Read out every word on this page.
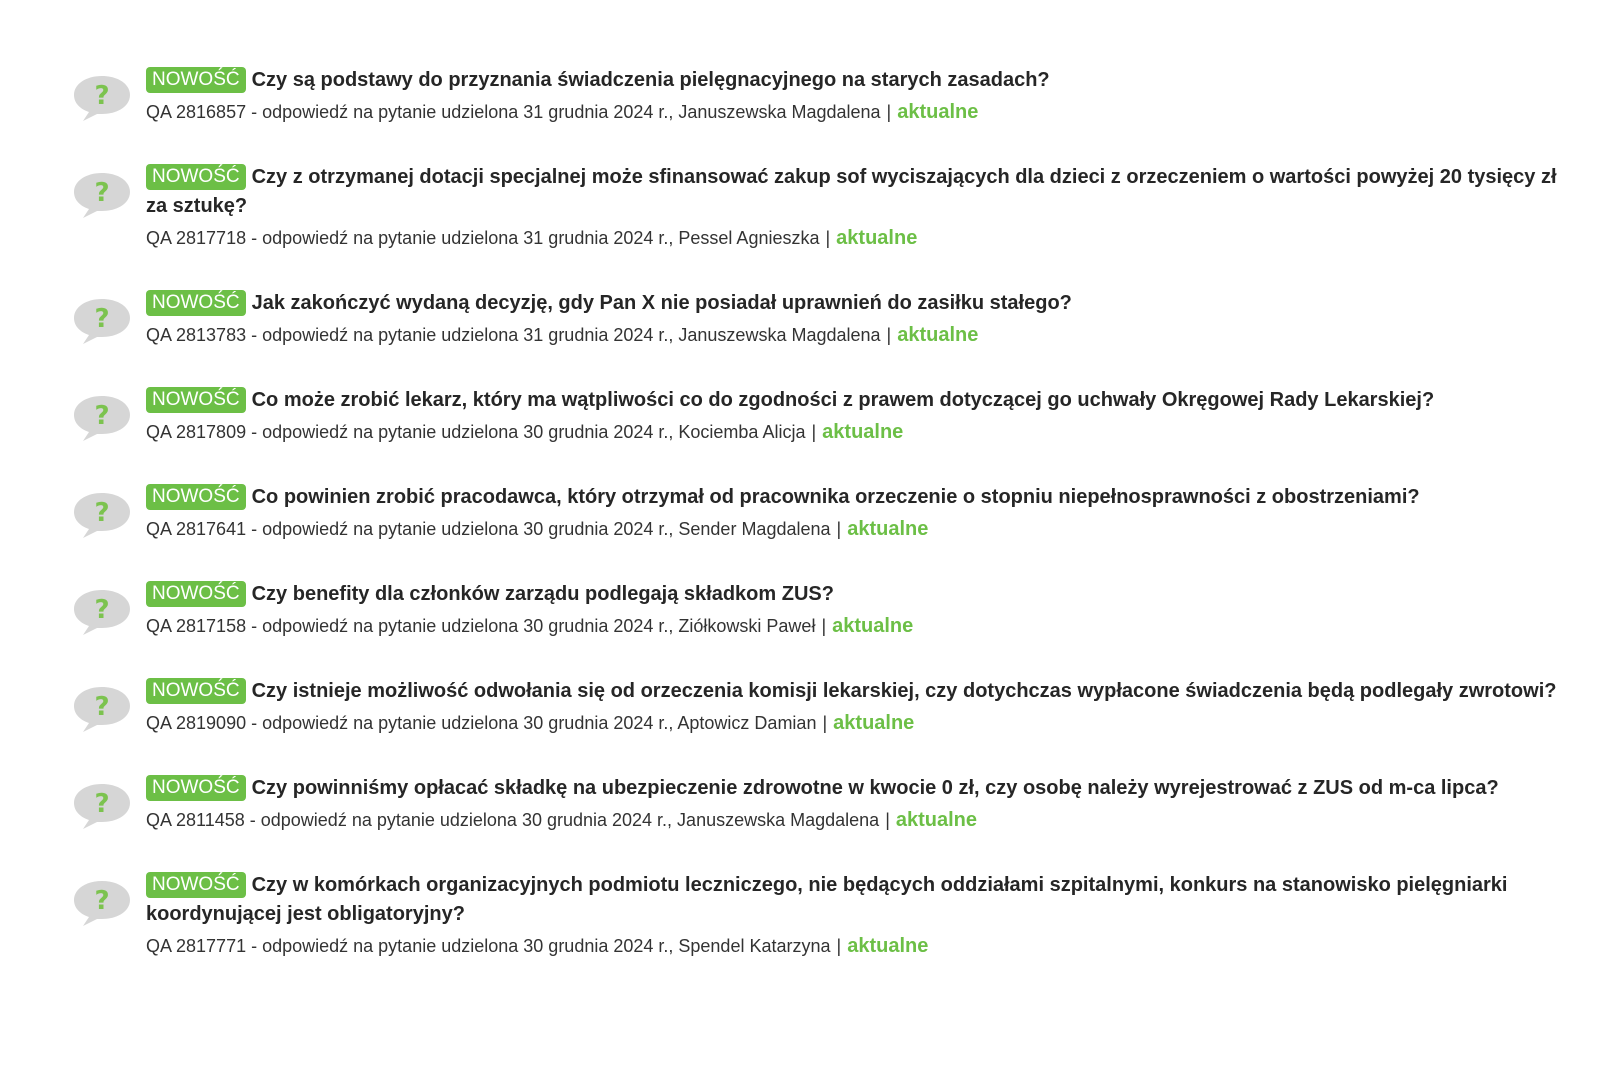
?
NOWOŚĆ Czy są podstawy do przyznania świadczenia pielęgnacyjnego na starych zasadach?
QA 2816857 - odpowiedź na pytanie udzielona 31 grudnia 2024 r., Januszewska Magdalena | aktualne
?
NOWOŚĆ Czy z otrzymanej dotacji specjalnej może sfinansować zakup sof wyciszających dla dzieci z orzeczeniem o wartości powyżej 20 tysięcy zł za sztukę?
QA 2817718 - odpowiedź na pytanie udzielona 31 grudnia 2024 r., Pessel Agnieszka | aktualne
?
NOWOŚĆ Jak zakończyć wydaną decyzję, gdy Pan X nie posiadał uprawnień do zasiłku stałego?
QA 2813783 - odpowiedź na pytanie udzielona 31 grudnia 2024 r., Januszewska Magdalena | aktualne
?
NOWOŚĆ Co może zrobić lekarz, który ma wątpliwości co do zgodności z prawem dotyczącej go uchwały Okręgowej Rady Lekarskiej?
QA 2817809 - odpowiedź na pytanie udzielona 30 grudnia 2024 r., Kociemba Alicja | aktualne
?
NOWOŚĆ Co powinien zrobić pracodawca, który otrzymał od pracownika orzeczenie o stopniu niepełnosprawności z obostrzeniami?
QA 2817641 - odpowiedź na pytanie udzielona 30 grudnia 2024 r., Sender Magdalena | aktualne
?
NOWOŚĆ Czy benefity dla członków zarządu podlegają składkom ZUS?
QA 2817158 - odpowiedź na pytanie udzielona 30 grudnia 2024 r., Ziółkowski Paweł | aktualne
?
NOWOŚĆ Czy istnieje możliwość odwołania się od orzeczenia komisji lekarskiej, czy dotychczas wypłacone świadczenia będą podlegały zwrotowi?
QA 2819090 - odpowiedź na pytanie udzielona 30 grudnia 2024 r., Aptowicz Damian | aktualne
?
NOWOŚĆ Czy powinniśmy opłacać składkę na ubezpieczenie zdrowotne w kwocie 0 zł, czy osobę należy wyrejestrować z ZUS od m-ca lipca?
QA 2811458 - odpowiedź na pytanie udzielona 30 grudnia 2024 r., Januszewska Magdalena | aktualne
?
NOWOŚĆ Czy w komórkach organizacyjnych podmiotu leczniczego, nie będących oddziałami szpitalnymi, konkurs na stanowisko pielęgniarki koordynującej jest obligatoryjny?
QA 2817771 - odpowiedź na pytanie udzielona 30 grudnia 2024 r., Spendel Katarzyna | aktualne
